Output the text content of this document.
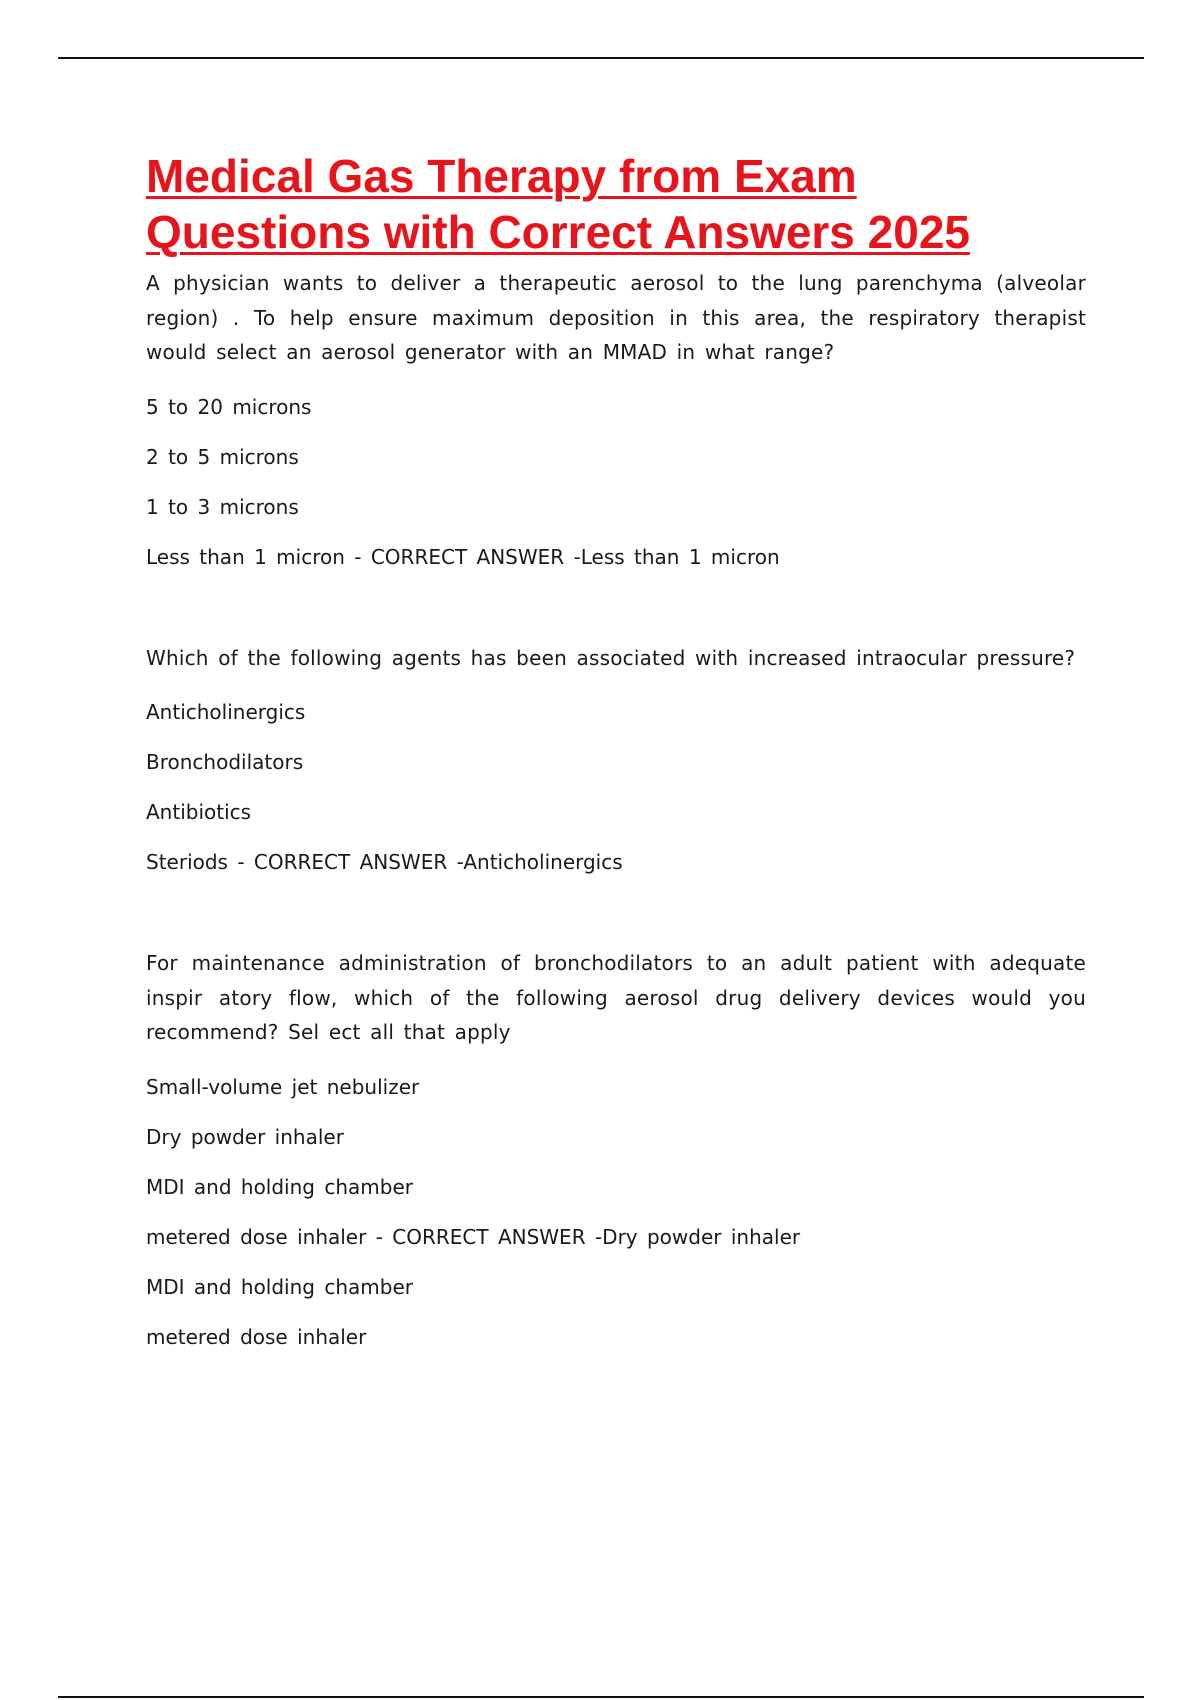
Medical Gas Therapy from Exam
Questions with Correct Answers 2025

A physician wants to deliver a therapeutic aerosol to the lung parenchyma (alveolar region) . To help ensure maximum deposition in this area, the respiratory therapist would select an aerosol generator with an MMAD in what range?

5 to 20 microns

2 to 5 microns

1 to 3 microns

Less than 1 micron - CORRECT ANSWER -Less than 1 micron

Which of the following agents has been associated with increased intraocular pressure?

Anticholinergics

Bronchodilators

Antibiotics

Steriods - CORRECT ANSWER -Anticholinergics

For maintenance administration of bronchodilators to an adult patient with adequate inspir atory flow, which of the following aerosol drug delivery devices would you recommend? Sel ect all that apply

Small-volume jet nebulizer

Dry powder inhaler

MDI and holding chamber

metered dose inhaler - CORRECT ANSWER -Dry powder inhaler

MDI and holding chamber

metered dose inhaler
